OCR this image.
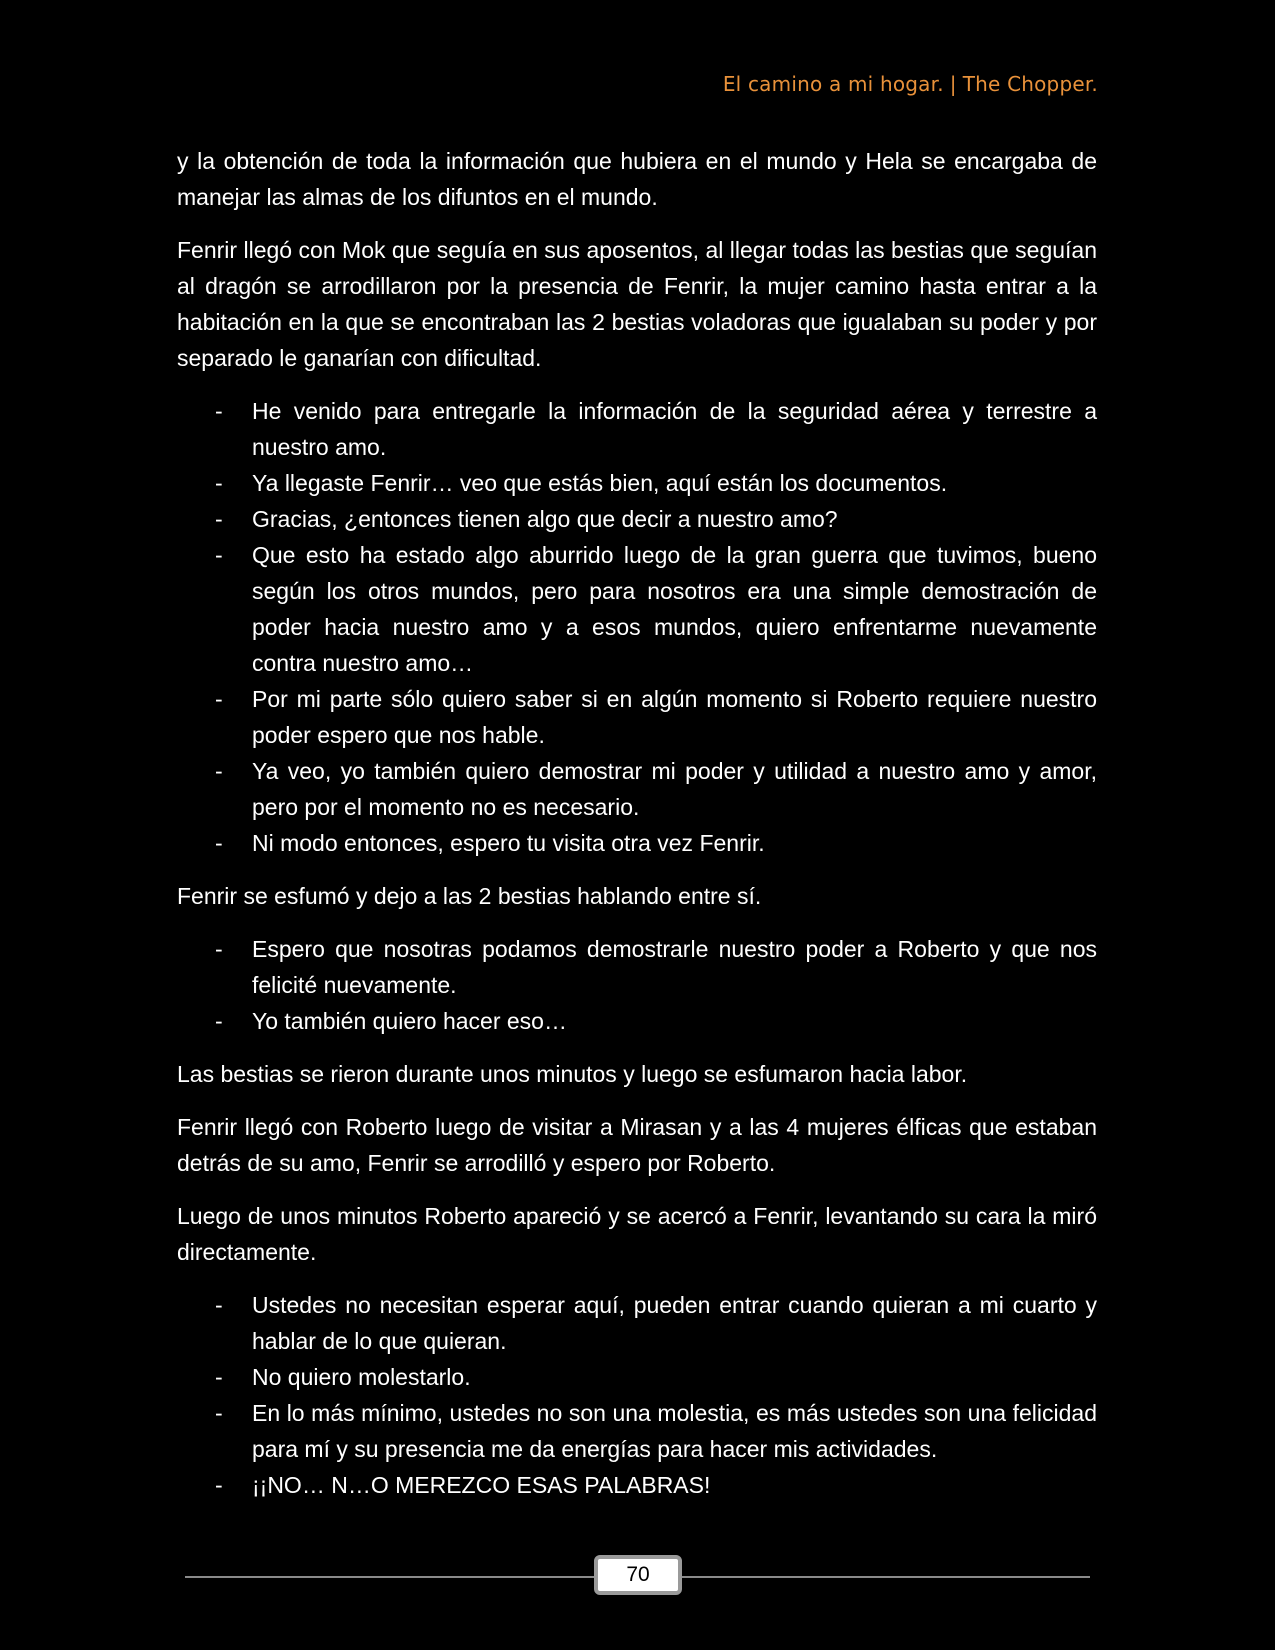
El camino a mi hogar. | The Chopper.

y la obtención de toda la información que hubiera en el mundo y Hela se encargaba de manejar las almas de los difuntos en el mundo.

Fenrir llegó con Mok que seguía en sus aposentos, al llegar todas las bestias que seguían al dragón se arrodillaron por la presencia de Fenrir, la mujer camino hasta entrar a la habitación en la que se encontraban las 2 bestias voladoras que igualaban su poder y por separado le ganarían con dificultad.

- He venido para entregarle la información de la seguridad aérea y terrestre a nuestro amo.
- Ya llegaste Fenrir… veo que estás bien, aquí están los documentos.
- Gracias, ¿entonces tienen algo que decir a nuestro amo?
- Que esto ha estado algo aburrido luego de la gran guerra que tuvimos, bueno según los otros mundos, pero para nosotros era una simple demostración de poder hacia nuestro amo y a esos mundos, quiero enfrentarme nuevamente contra nuestro amo…
- Por mi parte sólo quiero saber si en algún momento si Roberto requiere nuestro poder espero que nos hable.
- Ya veo, yo también quiero demostrar mi poder y utilidad a nuestro amo y amor, pero por el momento no es necesario.
- Ni modo entonces, espero tu visita otra vez Fenrir.

Fenrir se esfumó y dejo a las 2 bestias hablando entre sí.

- Espero que nosotras podamos demostrarle nuestro poder a Roberto y que nos felicité nuevamente.
- Yo también quiero hacer eso…

Las bestias se rieron durante unos minutos y luego se esfumaron hacia labor.

Fenrir llegó con Roberto luego de visitar a Mirasan y a las 4 mujeres élficas que estaban detrás de su amo, Fenrir se arrodilló y espero por Roberto.

Luego de unos minutos Roberto apareció y se acercó a Fenrir, levantando su cara la miró directamente.

- Ustedes no necesitan esperar aquí, pueden entrar cuando quieran a mi cuarto y hablar de lo que quieran.
- No quiero molestarlo.
- En lo más mínimo, ustedes no son una molestia, es más ustedes son una felicidad para mí y su presencia me da energías para hacer mis actividades.
- ¡¡NO… N…O MEREZCO ESAS PALABRAS!
70
